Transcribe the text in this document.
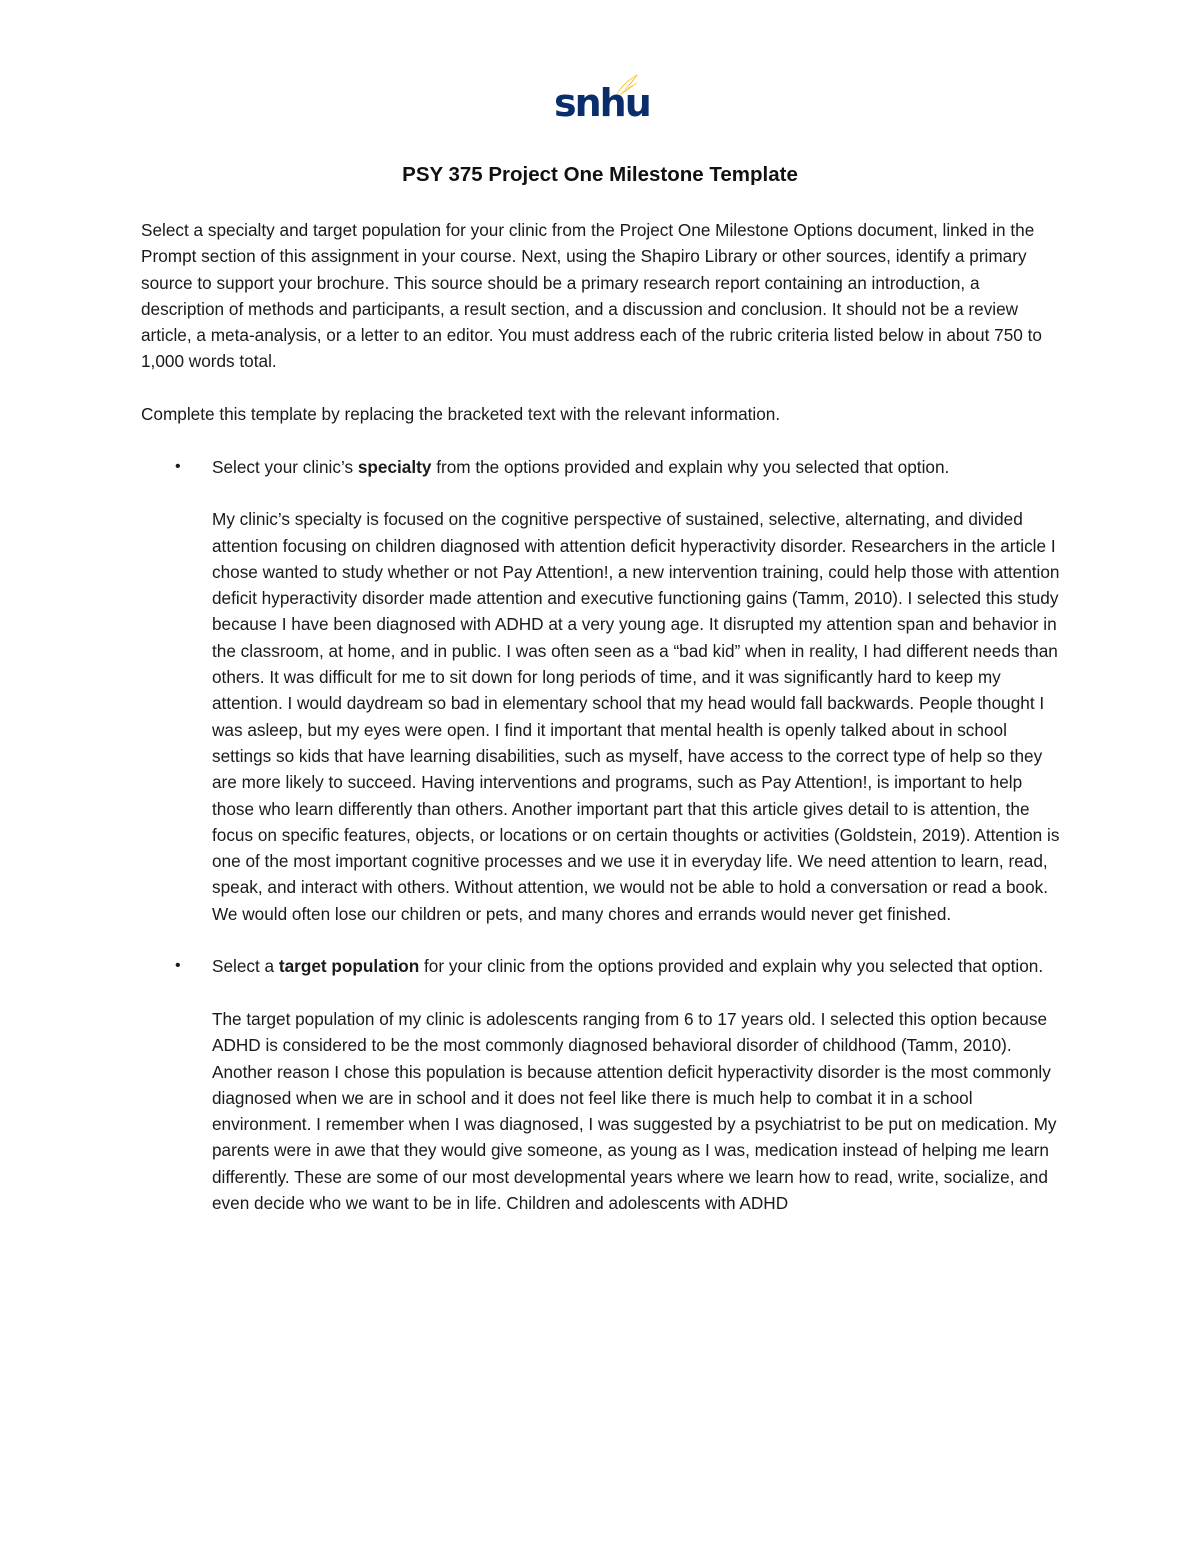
snhu
PSY 375 Project One Milestone Template

Select a specialty and target population for your clinic from the Project One Milestone Options document, linked in the Prompt section of this assignment in your course. Next, using the Shapiro Library or other sources, identify a primary source to support your brochure. This source should be a primary research report containing an introduction, a description of methods and participants, a result section, and a discussion and conclusion. It should not be a review article, a meta-analysis, or a letter to an editor. You must address each of the rubric criteria listed below in about 750 to 1,000 words total.

Complete this template by replacing the bracketed text with the relevant information.

• Select your clinic’s specialty from the options provided and explain why you selected that option.

My clinic’s specialty is focused on the cognitive perspective of sustained, selective, alternating, and divided attention focusing on children diagnosed with attention deficit hyperactivity disorder. Researchers in the article I chose wanted to study whether or not Pay Attention!, a new intervention training, could help those with attention deficit hyperactivity disorder made attention and executive functioning gains (Tamm, 2010). I selected this study because I have been diagnosed with ADHD at a very young age. It disrupted my attention span and behavior in the classroom, at home, and in public. I was often seen as a “bad kid” when in reality, I had different needs than others. It was difficult for me to sit down for long periods of time, and it was significantly hard to keep my attention. I would daydream so bad in elementary school that my head would fall backwards. People thought I was asleep, but my eyes were open. I find it important that mental health is openly talked about in school settings so kids that have learning disabilities, such as myself, have access to the correct type of help so they are more likely to succeed. Having interventions and programs, such as Pay Attention!, is important to help those who learn differently than others. Another important part that this article gives detail to is attention, the focus on specific features, objects, or locations or on certain thoughts or activities (Goldstein, 2019). Attention is one of the most important cognitive processes and we use it in everyday life. We need attention to learn, read, speak, and interact with others. Without attention, we would not be able to hold a conversation or read a book. We would often lose our children or pets, and many chores and errands would never get finished.

• Select a target population for your clinic from the options provided and explain why you selected that option.

The target population of my clinic is adolescents ranging from 6 to 17 years old. I selected this option because ADHD is considered to be the most commonly diagnosed behavioral disorder of childhood (Tamm, 2010). Another reason I chose this population is because attention deficit hyperactivity disorder is the most commonly diagnosed when we are in school and it does not feel like there is much help to combat it in a school environment. I remember when I was diagnosed, I was suggested by a psychiatrist to be put on medication. My parents were in awe that they would give someone, as young as I was, medication instead of helping me learn differently. These are some of our most developmental years where we learn how to read, write, socialize, and even decide who we want to be in life. Children and adolescents with ADHD
